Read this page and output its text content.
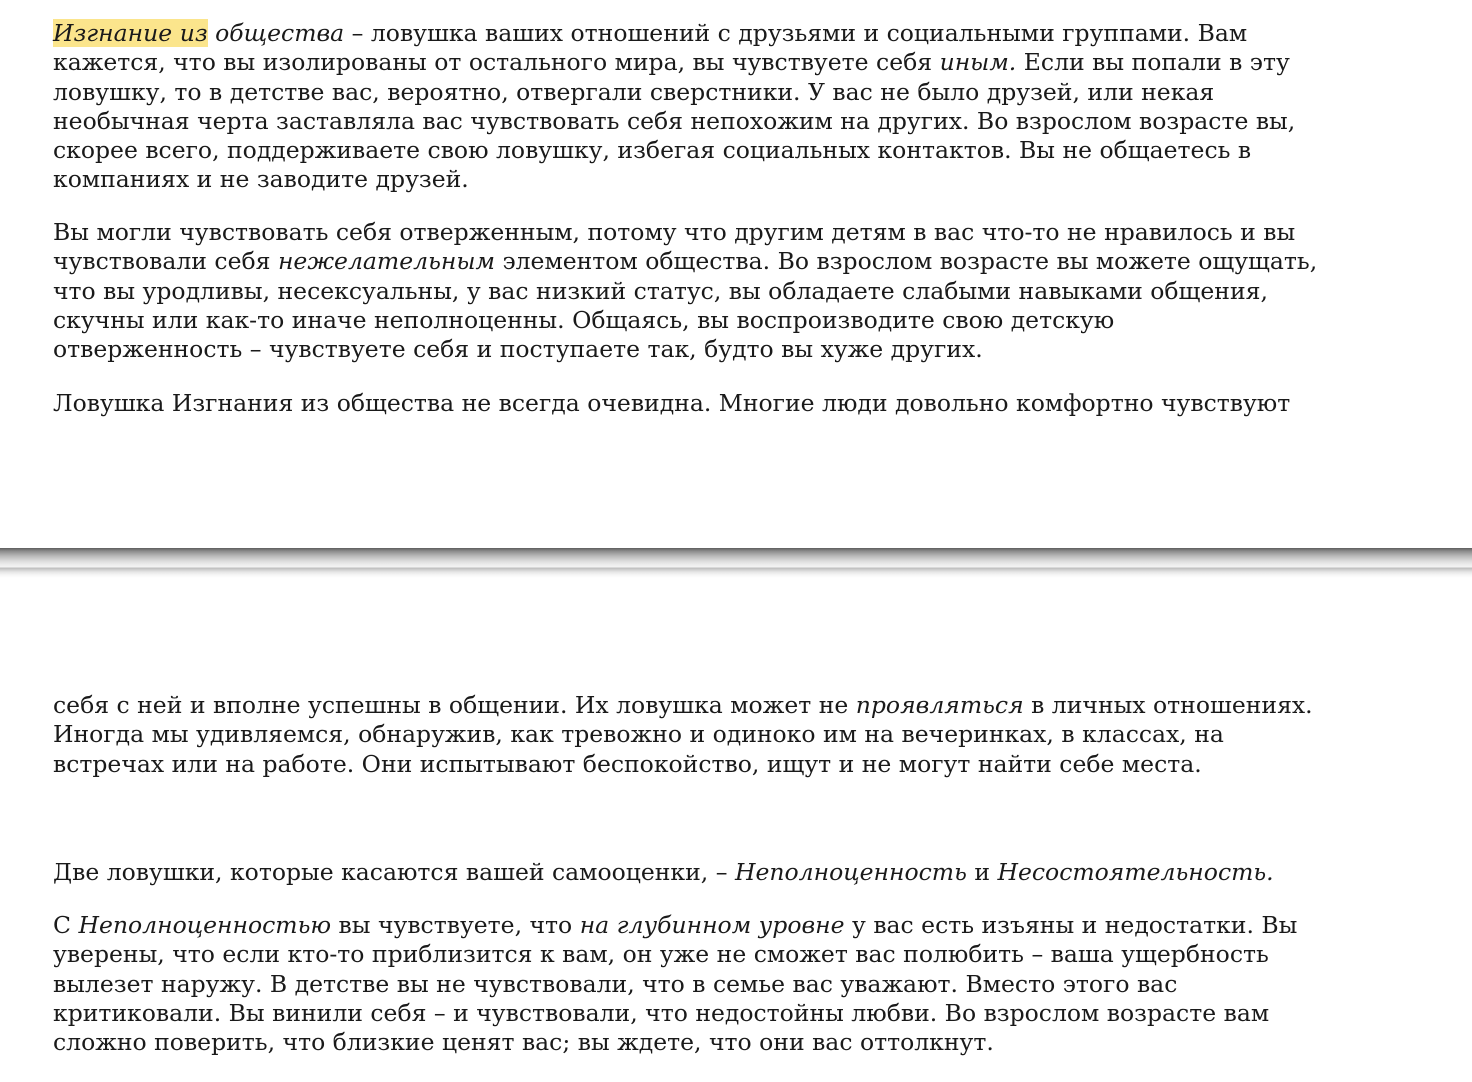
Изгнание из общества – ловушка ваших отношений с друзьями и социальными группами. Вам
кажется, что вы изолированы от остального мира, вы чувствуете себя иным. Если вы попали в эту
ловушку, то в детстве вас, вероятно, отвергали сверстники. У вас не было друзей, или некая
необычная черта заставляла вас чувствовать себя непохожим на других. Во взрослом возрасте вы,
скорее всего, поддерживаете свою ловушку, избегая социальных контактов. Вы не общаетесь в
компаниях и не заводите друзей.

Вы могли чувствовать себя отверженным, потому что другим детям в вас что-то не нравилось и вы
чувствовали себя нежелательным элементом общества. Во взрослом возрасте вы можете ощущать,
что вы уродливы, несексуальны, у вас низкий статус, вы обладаете слабыми навыками общения,
скучны или как-то иначе неполноценны. Общаясь, вы воспроизводите свою детскую
отверженность – чувствуете себя и поступаете так, будто вы хуже других.

Ловушка Изгнания из общества не всегда очевидна. Многие люди довольно комфортно чувствуют

себя с ней и вполне успешны в общении. Их ловушка может не проявляться в личных отношениях.
Иногда мы удивляемся, обнаружив, как тревожно и одиноко им на вечеринках, в классах, на
встречах или на работе. Они испытывают беспокойство, ищут и не могут найти себе места.

Две ловушки, которые касаются вашей самооценки, – Неполноценность и Несостоятельность.

С Неполноценностью вы чувствуете, что на глубинном уровне у вас есть изъяны и недостатки. Вы
уверены, что если кто-то приблизится к вам, он уже не сможет вас полюбить – ваша ущербность
вылезет наружу. В детстве вы не чувствовали, что в семье вас уважают. Вместо этого вас
критиковали. Вы винили себя – и чувствовали, что недостойны любви. Во взрослом возрасте вам
сложно поверить, что близкие ценят вас; вы ждете, что они вас оттолкнут.
